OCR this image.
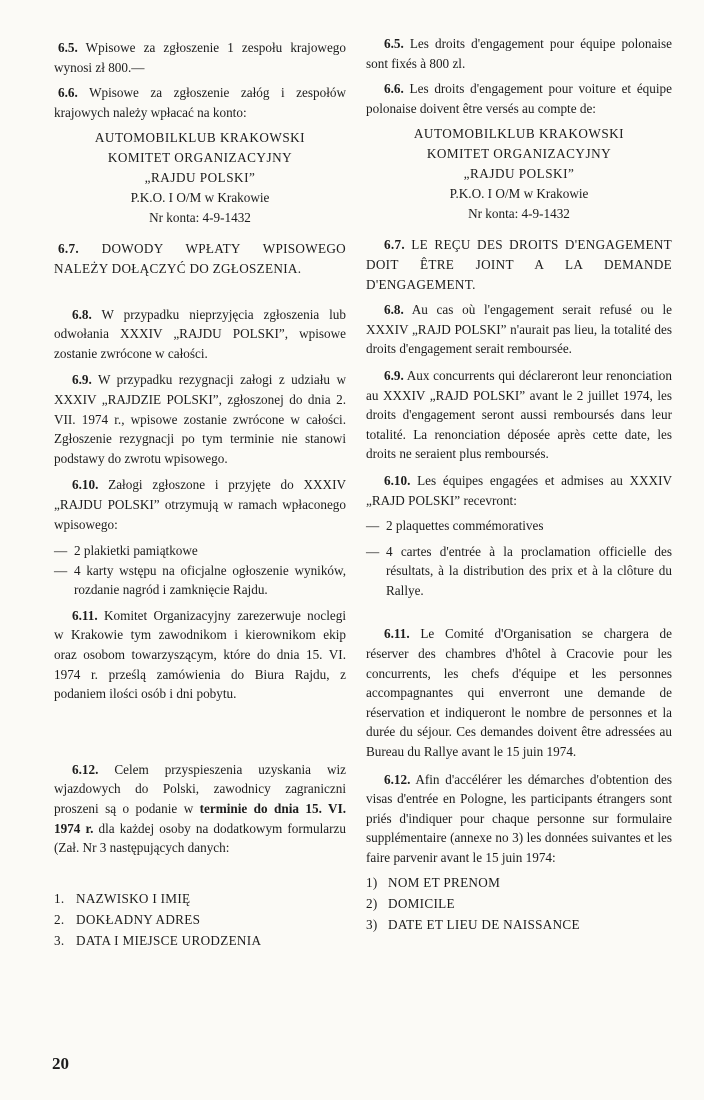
6.5. Wpisowe za zgłoszenie 1 zespołu krajowego wynosi zł 800.—

6.6. Wpisowe za zgłoszenie załóg i zespołów krajowych należy wpłacać na konto:

AUTOMOBILKLUB KRAKOWSKI
KOMITET ORGANIZACYJNY
„RAJDU POLSKI”
P.K.O. I O/M w Krakowie
Nr konta: 4-9-1432

6.7. DOWODY WPŁATY WPISOWEGO NALEŻY DOŁĄCZYĆ DO ZGŁOSZENIA.

6.8. W przypadku nieprzyjęcia zgłoszenia lub odwołania XXXIV „RAJDU POLSKI”, wpisowe zostanie zwrócone w całości.

6.9. W przypadku rezygnacji załogi z udziału w XXXIV „RAJDZIE POLSKI”, zgłoszonej do dnia 2. VII. 1974 r., wpisowe zostanie zwrócone w całości. Zgłoszenie rezygnacji po tym terminie nie stanowi podstawy do zwrotu wpisowego.

6.10. Załogi zgłoszone i przyjęte do XXXIV „RAJDU POLSKI” otrzymują w ramach wpłaconego wpisowego:

— 2 plakietki pamiątkowe
— 4 karty wstępu na oficjalne ogłoszenie wyników, rozdanie nagród i zamknięcie Rajdu.

6.11. Komitet Organizacyjny zarezerwuje noclegi w Krakowie tym zawodnikom i kierownikom ekip oraz osobom towarzyszącym, które do dnia 15. VI. 1974 r. prześlą zamówienia do Biura Rajdu, z podaniem ilości osób i dni pobytu.

6.12. Celem przyspieszenia uzyskania wiz wjazdowych do Polski, zawodnicy zagraniczni proszeni są o podanie w terminie do dnia 15. VI. 1974 r. dla każdej osoby na dodatkowym formularzu (Zał. Nr 3 następujących danych:

1. NAZWISKO I IMIĘ
2. DOKŁADNY ADRES
3. DATA I MIEJSCE URODZENIA

6.5. Les droits d'engagement pour équipe polonaise sont fixés à 800 zl.

6.6. Les droits d'engagement pour voiture et équipe polonaise doivent être versés au compte de:

AUTOMOBILKLUB KRAKOWSKI
KOMITET ORGANIZACYJNY
„RAJDU POLSKI”
P.K.O. I O/M w Krakowie
Nr konta: 4-9-1432

6.7. LE REÇU DES DROITS D'ENGAGEMENT DOIT ÊTRE JOINT A LA DEMANDE D'ENGAGEMENT.

6.8. Au cas où l'engagement serait refusé ou le XXXIV „RAJD POLSKI” n'aurait pas lieu, la totalité des droits d'engagement serait remboursée.

6.9. Aux concurrents qui déclareront leur renonciation au XXXIV „RAJD POLSKI” avant le 2 juillet 1974, les droits d'engagement seront aussi remboursés dans leur totalité. La renonciation déposée après cette date, les droits ne seraient plus remboursés.

6.10. Les équipes engagées et admises au XXXIV „RAJD POLSKI” recevront:

— 2 plaquettes commémoratives
— 4 cartes d'entrée à la proclamation officielle des résultats, à la distribution des prix et à la clôture du Rallye.

6.11. Le Comité d'Organisation se chargera de réserver des chambres d'hôtel à Cracovie pour les concurrents, les chefs d'équipe et les personnes accompagnantes qui enverront une demande de réservation et indiqueront le nombre de personnes et la durée du séjour. Ces demandes doivent être adressées au Bureau du Rallye avant le 15 juin 1974.

6.12. Afin d'accélérer les démarches d'obtention des visas d'entrée en Pologne, les participants étrangers sont priés d'indiquer pour chaque personne sur formulaire supplémentaire (annexe no 3) les données suivantes et les faire parvenir avant le 15 juin 1974:

1) NOM ET PRENOM
2) DOMICILE
3) DATE ET LIEU DE NAISSANCE
20
